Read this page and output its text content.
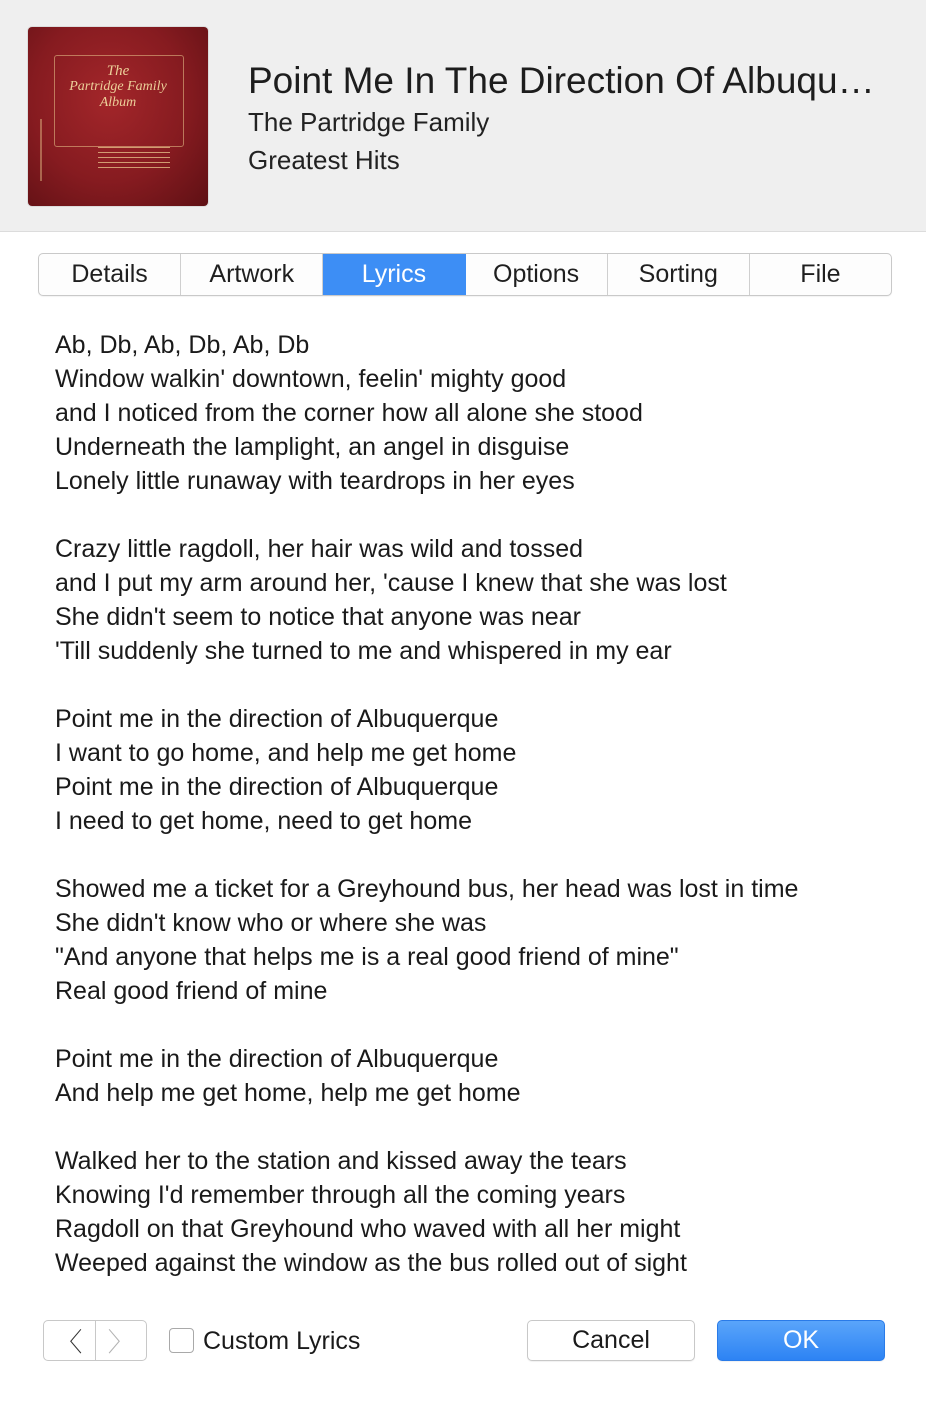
The
Partridge Family
Album
Point Me In The Direction Of Albuqu…
The Partridge Family
Greatest Hits
Details	Artwork	Lyrics	Options	Sorting	File
Ab, Db, Ab, Db, Ab, Db
Window walkin' downtown, feelin' mighty good
and I noticed from the corner how all alone she stood
Underneath the lamplight, an angel in disguise
Lonely little runaway with teardrops in her eyes
Crazy little ragdoll, her hair was wild and tossed
and I put my arm around her, 'cause I knew that she was lost
She didn't seem to notice that anyone was near
'Till suddenly she turned to me and whispered in my ear
Point me in the direction of Albuquerque
I want to go home, and help me get home
Point me in the direction of Albuquerque
I need to get home, need to get home
Showed me a ticket for a Greyhound bus, her head was lost in time
She didn't know who or where she was
"And anyone that helps me is a real good friend of mine"
Real good friend of mine
Point me in the direction of Albuquerque
And help me get home, help me get home
Walked her to the station and kissed away the tears
Knowing I'd remember through all the coming years
Ragdoll on that Greyhound who waved with all her might
Weeped against the window as the bus rolled out of sight
〈 〉	Custom Lyrics	Cancel	OK
